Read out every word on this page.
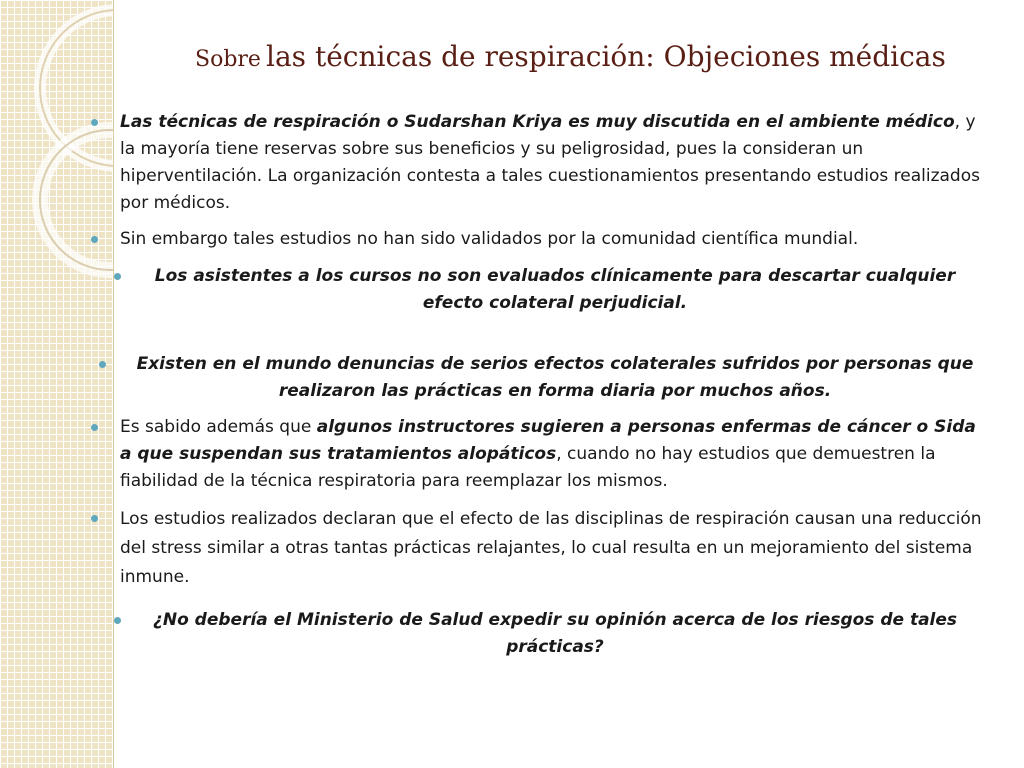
Sobre las técnicas de respiración: Objeciones médicas
Las técnicas de respiración o Sudarshan Kriya es muy discutida en el ambiente médico, y la mayoría tiene reservas sobre sus beneficios y su peligrosidad, pues la consideran un hiperventilación. La organización contesta a tales cuestionamientos presentando estudios realizados por médicos.
Sin embargo tales estudios no han sido validados por la comunidad científica mundial.
Los asistentes a los cursos no son evaluados clínicamente para descartar cualquier efecto colateral perjudicial.
Existen en el mundo denuncias de serios efectos colaterales sufridos por personas que realizaron las prácticas en forma diaria por muchos años.
Es sabido además que algunos instructores sugieren a personas enfermas de cáncer o Sida a que suspendan sus tratamientos alopáticos, cuando no hay estudios que demuestren la fiabilidad de la técnica respiratoria para reemplazar los mismos.
Los estudios realizados declaran que el efecto de las disciplinas de respiración causan una reducción del stress similar a otras tantas prácticas relajantes, lo cual resulta en un mejoramiento del sistema inmune.
¿No debería el Ministerio de Salud expedir su opinión acerca de los riesgos de tales prácticas?
